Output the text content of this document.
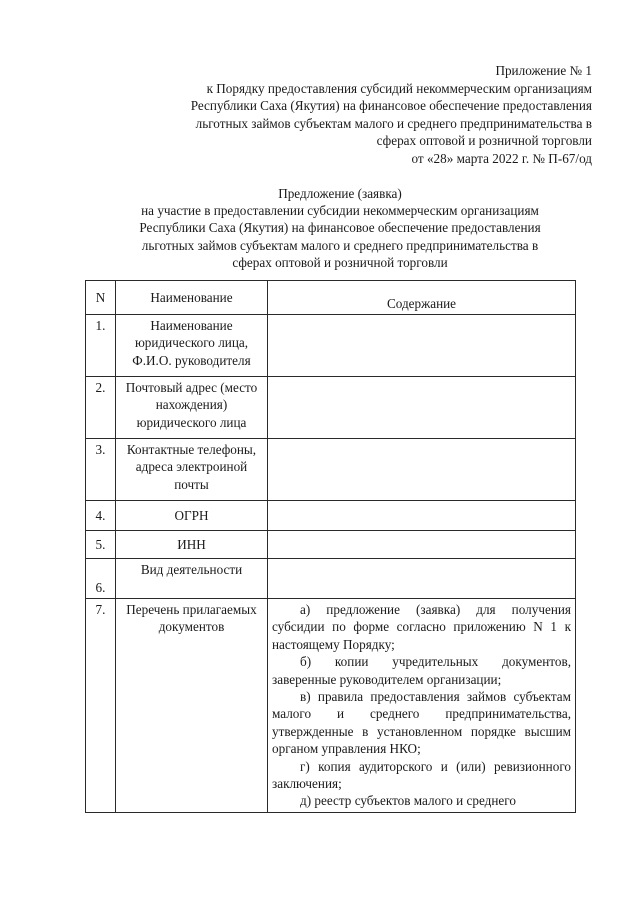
Приложение № 1
к Порядку предоставления субсидий некоммерческим организациям
Республики Саха (Якутия) на финансовое обеспечение предоставления
льготных займов субъектам малого и среднего предпринимательства в
сферах оптовой и розничной торговли
от «28» марта 2022 г. № П-67/од
Предложение (заявка)
на участие в предоставлении субсидии некоммерческим организациям
Республики Саха (Якутия) на финансовое обеспечение предоставления
льготных займов субъектам малого и среднего предпринимательства в
сферах оптовой и розничной торговли
N	Наименование	Содержание
1.	Наименование юридического лица, Ф.И.О. руководителя	
2.	Почтовый адрес (место нахождения) юридического лица	
3.	Контактные телефоны, адреса электроиной почты	
4.	ОГРН	
5.	ИНН	
6.	Вид деятельности	
7.	Перечень прилагаемых документов	а) предложение (заявка) для получения субсидии по форме согласно приложению N 1 к настоящему Порядку;

б) копии учредительных документов, заверенные руководителем организации;

в) правила предоставления займов субъектам малого и среднего предпринимательства, утвержденные в установленном порядке высшим органом управления НКО;

г) копия аудиторского и (или) ревизионного заключения;

д) реестр субъектов малого и среднего
